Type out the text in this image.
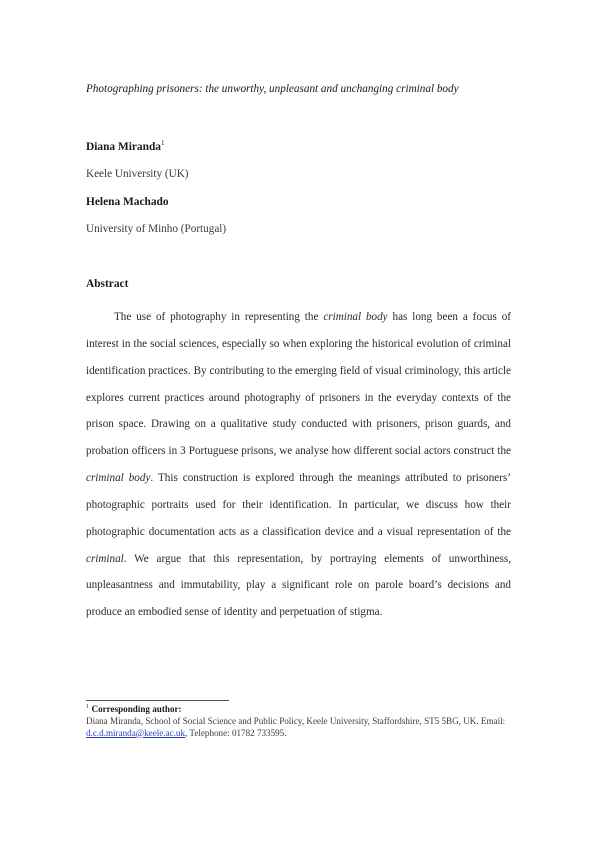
Photographing prisoners: the unworthy, unpleasant and unchanging criminal body
Diana Miranda$^1$
Keele University (UK)
Helena Machado
University of Minho (Portugal)
Abstract
The use of photography in representing the criminal body has long been a focus of interest in the social sciences, especially so when exploring the historical evolution of criminal identification practices. By contributing to the emerging field of visual criminology, this article explores current practices around photography of prisoners in the everyday contexts of the prison space. Drawing on a qualitative study conducted with prisoners, prison guards, and probation officers in 3 Portuguese prisons, we analyse how different social actors construct the criminal body. This construction is explored through the meanings attributed to prisoners’ photographic portraits used for their identification. In particular, we discuss how their photographic documentation acts as a classification device and a visual representation of the criminal. We argue that this representation, by portraying elements of unworthiness, unpleasantness and immutability, play a significant role on parole board’s decisions and produce an embodied sense of identity and perpetuation of stigma.
$^1$ Corresponding author:
Diana Miranda, School of Social Science and Public Policy, Keele University, Staffordshire, ST5 5BG, UK. Email: d.c.d.miranda@keele.ac.uk, Telephone: 01782 733595.
